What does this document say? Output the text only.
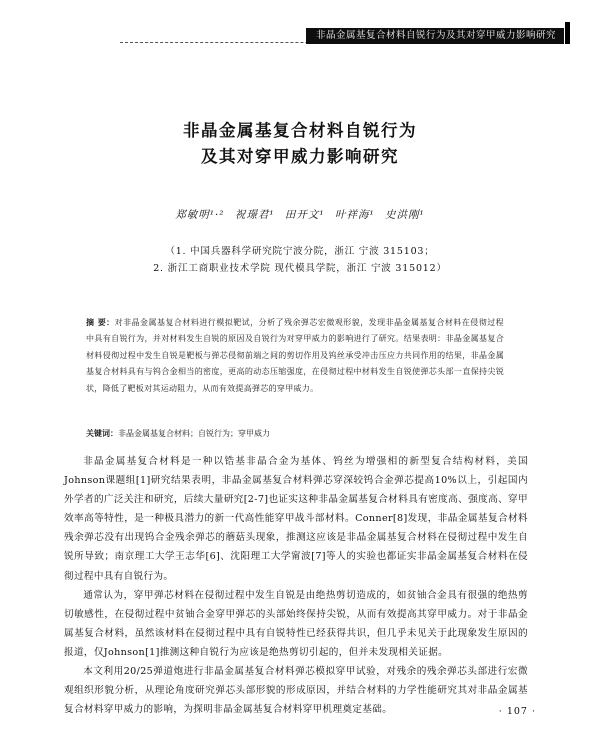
非晶金属基复合材料自锐行为及其对穿甲威力影响研究
非晶金属基复合材料自锐行为
及其对穿甲威力影响研究
郑敏明¹·² 祝璟君¹ 田开文¹ 叶祥海¹ 史洪刚¹
（1. 中国兵器科学研究院宁波分院，浙江 宁波 315103；
2. 浙江工商职业技术学院 现代模具学院，浙江 宁波 315012）
摘 要：对非晶金属基复合材料进行模拟靶试，分析了残余弹芯宏微观形貌，发现非晶金属基复合材料在侵彻过程中具有自锐行为，并对材料发生自锐的原因及自锐行为对穿甲威力的影响进行了研究。结果表明：非晶金属基复合材料侵彻过程中发生自锐是靶板与弹芯侵彻前端之间的剪切作用及钨丝承受冲击压应力共同作用的结果，非晶金属基复合材料具有与钨合金相当的密度，更高的动态压缩强度，在侵彻过程中材料发生自锐使弹芯头部一直保持尖锐状，降低了靶板对其运动阻力，从而有效提高弹芯的穿甲威力。
关键词：非晶金属基复合材料；自锐行为；穿甲威力

非晶金属基复合材料是一种以锆基非晶合金为基体、钨丝为增强相的新型复合结构材料，美国Johnson课题组[1]研究结果表明，非晶金属基复合材料弹芯穿深较钨合金弹芯提高10%以上，引起国内外学者的广泛关注和研究，后续大量研究[2-7]也证实这种非晶金属基复合材料具有密度高、强度高、穿甲效率高等特性，是一种极具潜力的新一代高性能穿甲战斗部材料。Conner[8]发现，非晶金属基复合材料残余弹芯没有出现钨合金残余弹芯的蘑菇头现象，推测这应该是非晶金属基复合材料在侵彻过程中发生自锐所导致；南京理工大学王志华[6]、沈阳理工大学甯波[7]等人的实验也都证实非晶金属基复合材料在侵彻过程中具有自锐行为。

通常认为，穿甲弹芯材料在侵彻过程中发生自锐是由绝热剪切造成的，如贫铀合金具有很强的绝热剪切敏感性，在侵彻过程中贫铀合金穿甲弹芯的头部始终保持尖锐，从而有效提高其穿甲威力。对于非晶金属基复合材料，虽然该材料在侵彻过程中具有自锐特性已经获得共识，但几乎未见关于此现象发生原因的报道，仅Johnson[1]推测这种自锐行为应该是绝热剪切引起的，但并未发现相关证据。

本文利用20/25弹道炮进行非晶金属基复合材料弹芯模拟穿甲试验，对残余的残余弹芯头部进行宏微观组织形貌分析，从理论角度研究弹芯头部形貌的形成原因，并结合材料的力学性能研究其对非晶金属基复合材料穿甲威力的影响，为探明非晶金属基复合材料穿甲机理奠定基础。	· 107 ·
